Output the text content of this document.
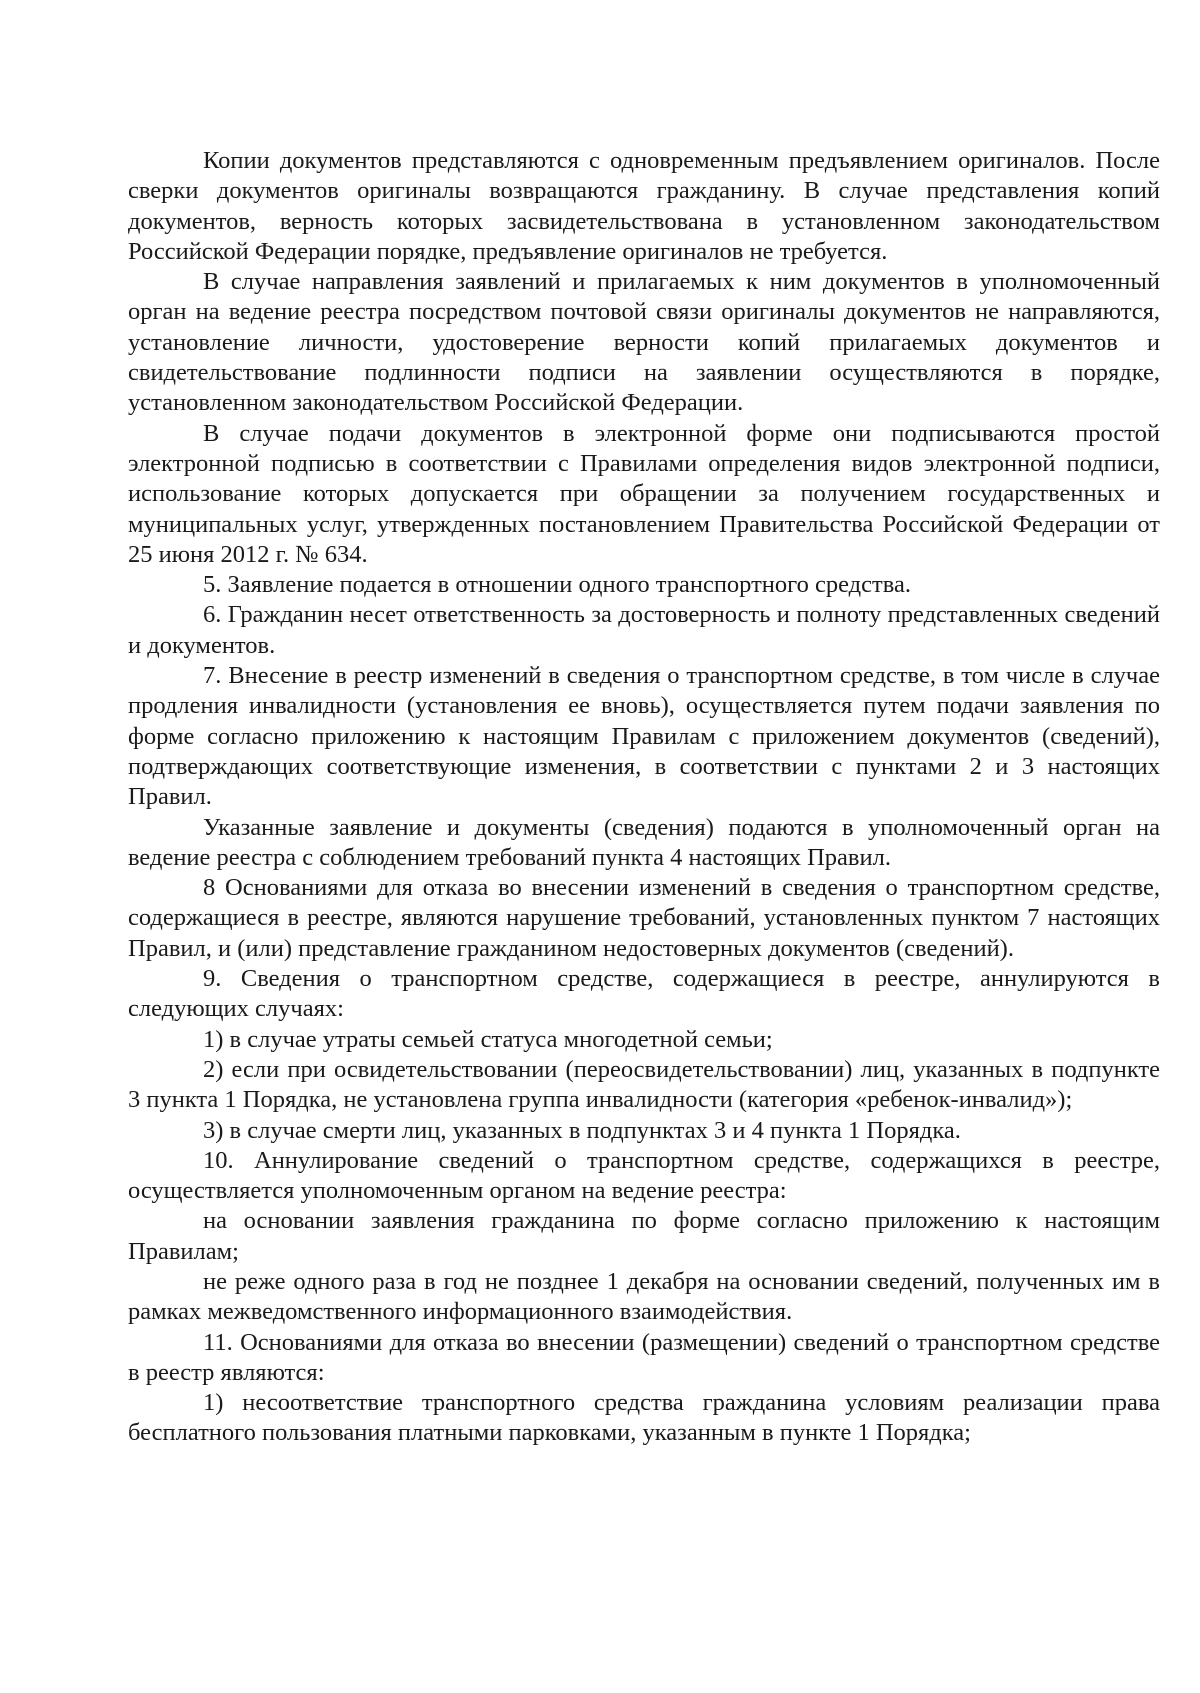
Копии документов представляются с одновременным предъявлением оригиналов. После сверки документов оригиналы возвращаются гражданину. В случае представления копий документов, верность которых засвидетельствована в установленном законодательством Российской Федерации порядке, предъявление оригиналов не требуется.

В случае направления заявлений и прилагаемых к ним документов в уполномоченный орган на ведение реестра посредством почтовой связи оригиналы документов не направляются, установление личности, удостоверение верности копий прилагаемых документов и свидетельствование подлинности подписи на заявлении осуществляются в порядке, установленном законодательством Российской Федерации.

В случае подачи документов в электронной форме они подписываются простой электронной подписью в соответствии с Правилами определения видов электронной подписи, использование которых допускается при обращении за получением государственных и муниципальных услуг, утвержденных постановлением Правительства Российской Федерации от 25 июня 2012 г. № 634.

5. Заявление подается в отношении одного транспортного средства.

6. Гражданин несет ответственность за достоверность и полноту представленных сведений и документов.

7. Внесение в реестр изменений в сведения о транспортном средстве, в том числе в случае продления инвалидности (установления ее вновь), осуществляется путем подачи заявления по форме согласно приложению к настоящим Правилам с приложением документов (сведений), подтверждающих соответствующие изменения, в соответствии с пунктами 2 и 3 настоящих Правил.

Указанные заявление и документы (сведения) подаются в уполномоченный орган на ведение реестра с соблюдением требований пункта 4 настоящих Правил.

8 Основаниями для отказа во внесении изменений в сведения о транспортном средстве, содержащиеся в реестре, являются нарушение требований, установленных пунктом 7 настоящих Правил, и (или) представление гражданином недостоверных документов (сведений).

9. Сведения о транспортном средстве, содержащиеся в реестре, аннулируются в следующих случаях:

1) в случае утраты семьей статуса многодетной семьи;

2) если при освидетельствовании (переосвидетельствовании) лиц, указанных в подпункте 3 пункта 1 Порядка, не установлена группа инвалидности (категория «ребенок-инвалид»);

3) в случае смерти лиц, указанных в подпунктах 3 и 4 пункта 1 Порядка.

10. Аннулирование сведений о транспортном средстве, содержащихся в реестре, осуществляется уполномоченным органом на ведение реестра:

на основании заявления гражданина по форме согласно приложению к настоящим Правилам;

не реже одного раза в год не позднее 1 декабря на основании сведений, полученных им в рамках межведомственного информационного взаимодействия.

11. Основаниями для отказа во внесении (размещении) сведений о транспортном средстве в реестр являются:

1) несоответствие транспортного средства гражданина условиям реализации права бесплатного пользования платными парковками, указанным в пункте 1 Порядка;
